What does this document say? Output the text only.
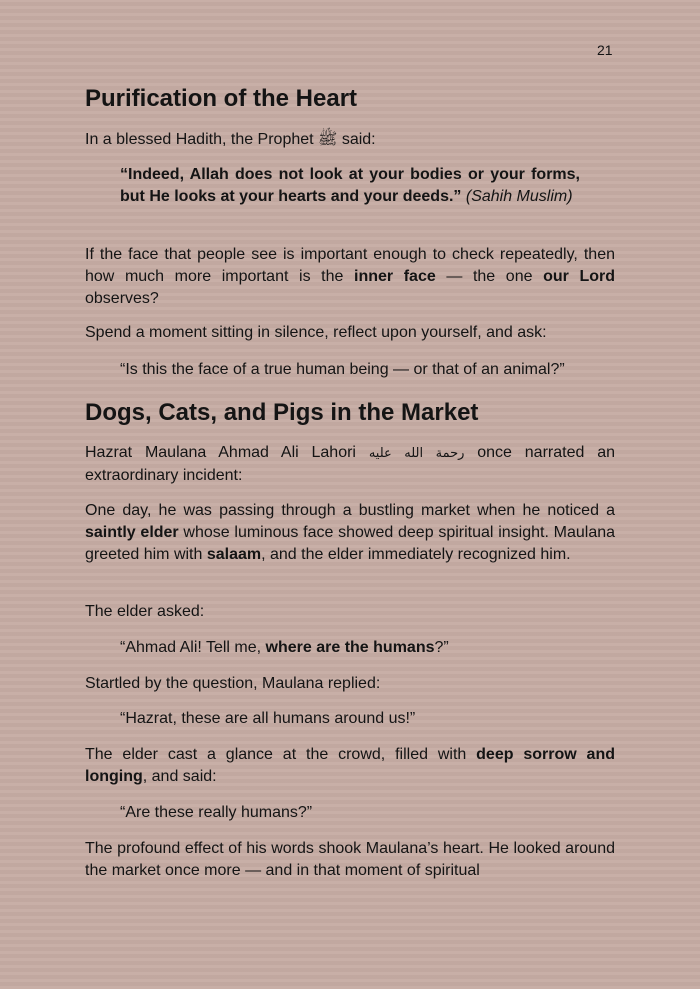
21
Purification of the Heart

In a blessed Hadith, the Prophet ﷺ said:

“Indeed, Allah does not look at your bodies or your forms, but He looks at your hearts and your deeds.” (Sahih Muslim)

If the face that people see is important enough to check repeatedly, then how much more important is the inner face — the one our Lord observes?

Spend a moment sitting in silence, reflect upon yourself, and ask:

“Is this the face of a true human being — or that of an animal?”

Dogs, Cats, and Pigs in the Market

Hazrat Maulana Ahmad Ali Lahori رحمة الله عليه once narrated an extraordinary incident:

One day, he was passing through a bustling market when he noticed a saintly elder whose luminous face showed deep spiritual insight. Maulana greeted him with salaam, and the elder immediately recognized him.

The elder asked:

“Ahmad Ali! Tell me, where are the humans?”

Startled by the question, Maulana replied:

“Hazrat, these are all humans around us!”

The elder cast a glance at the crowd, filled with deep sorrow and longing, and said:

“Are these really humans?”

The profound effect of his words shook Maulana’s heart. He looked around the market once more — and in that moment of spiritual
